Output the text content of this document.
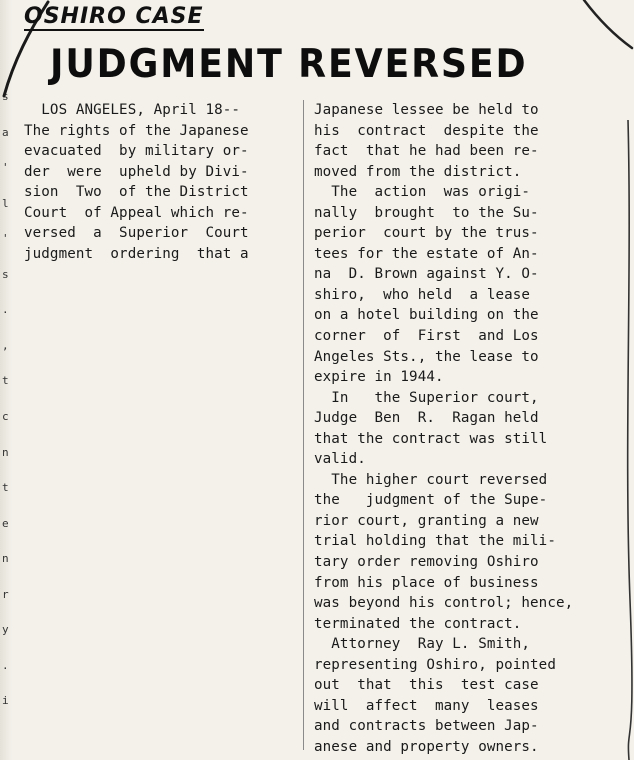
s
a
'
l
'
s
.
,
t
c
n
t
e
n
r
y
.
i
OSHIRO CASE
JUDGMENT REVERSED
LOS ANGELES, April 18--
The rights of the Japanese
evacuated  by military or-
der  were  upheld by Divi-
sion  Two  of the District
Court  of Appeal which re-
versed  a  Superior  Court
judgment  ordering  that a
Japanese lessee be held to
his  contract  despite the
fact  that he had been re-
moved from the district.
The  action  was origi-
nally  brought  to the Su-
perior  court by the trus-
tees for the estate of An-
na  D. Brown against Y. O-
shiro,  who held  a lease
on a hotel building on the
corner  of  First  and Los
Angeles Sts., the lease to
expire in 1944.
In   the Superior court,
Judge  Ben  R.  Ragan held
that the contract was still
valid.
The higher court reversed
the   judgment of the Supe-
rior court, granting a new
trial holding that the mili-
tary order removing Oshiro
from his place of business
was beyond his control; hence,
terminated the contract.
Attorney  Ray L. Smith,
representing Oshiro, pointed
out  that  this  test case
will  affect  many  leases
and contracts between Jap-
anese and property owners.
